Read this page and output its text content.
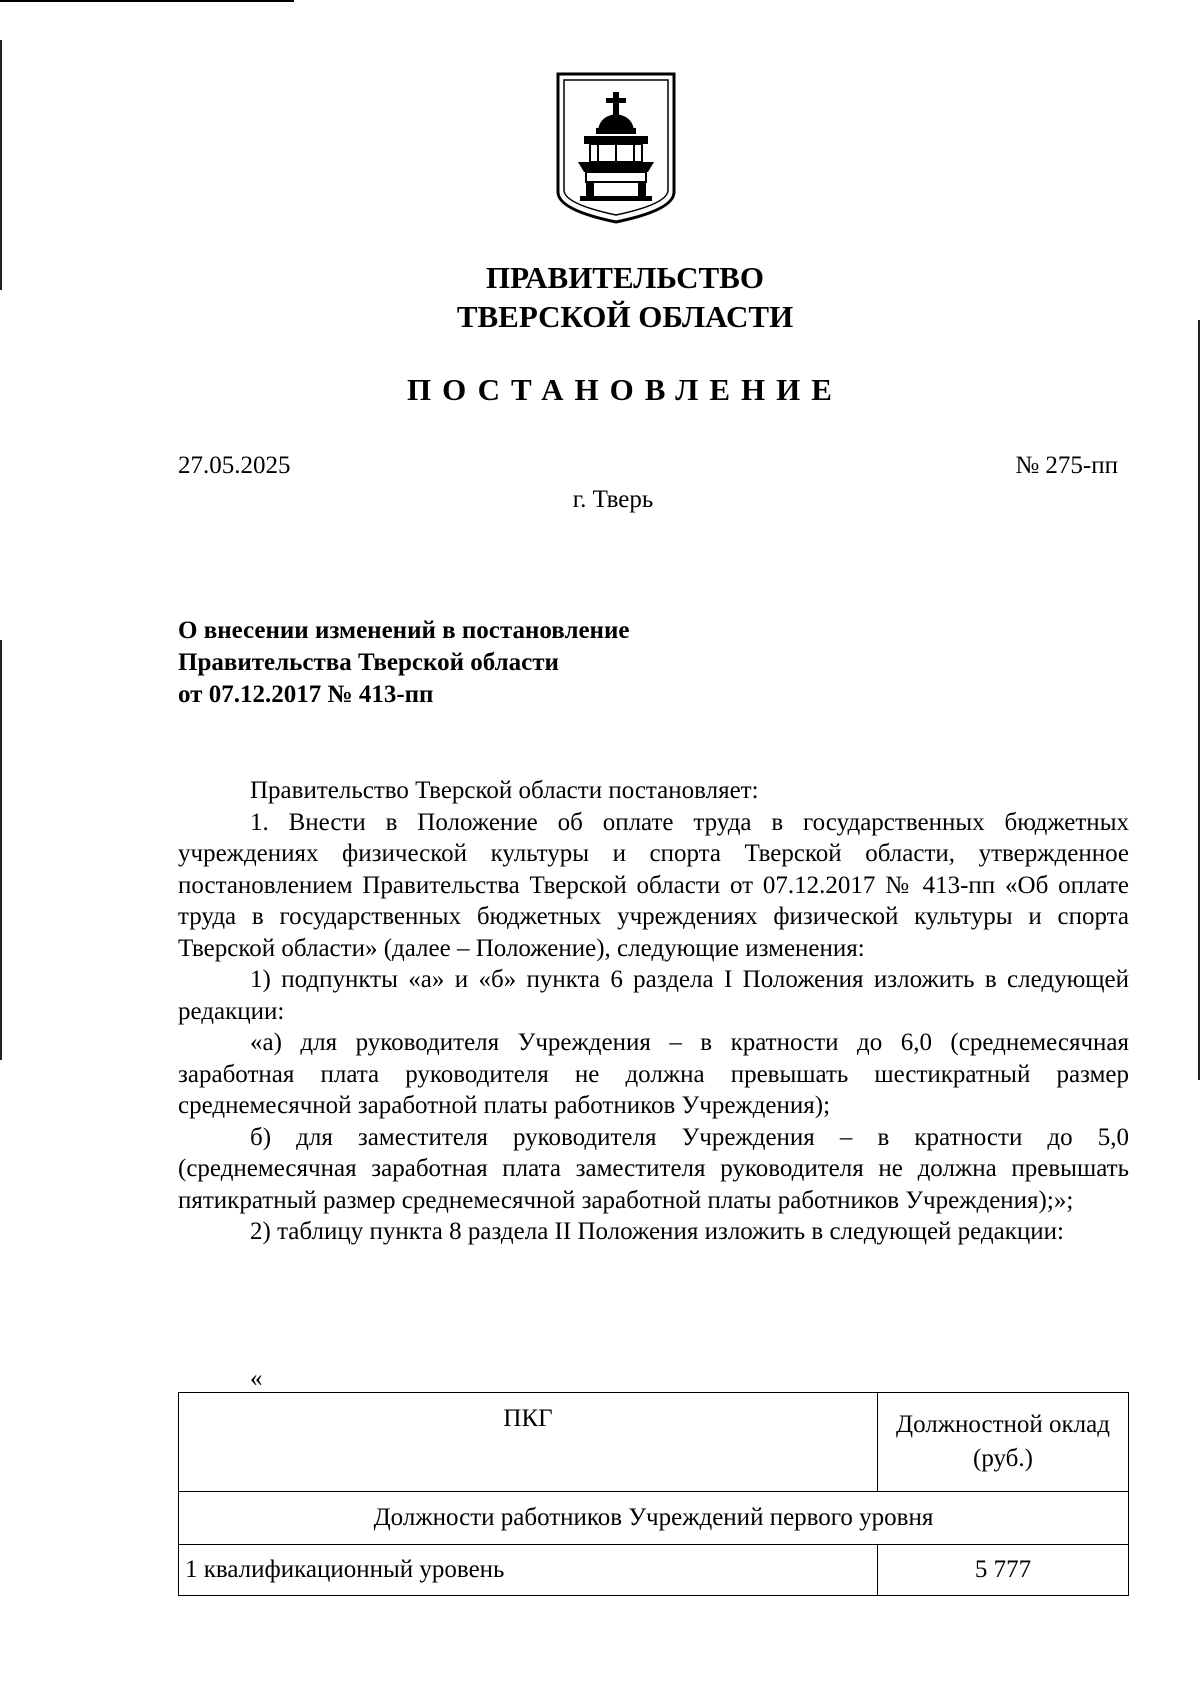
ПРАВИТЕЛЬСТВО
ТВЕРСКОЙ ОБЛАСТИ
ПОСТАНОВЛЕНИЕ
27.05.2025	№ 275-пп
г. Тверь
О внесении изменений в постановление
Правительства Тверской области
от 07.12.2017 № 413-пп

Правительство Тверской области постановляет:

1. Внести в Положение об оплате труда в государственных бюджетных учреждениях физической культуры и спорта Тверской области, утвержденное постановлением Правительства Тверской области от 07.12.2017 № 413-пп «Об оплате труда в государственных бюджетных учреждениях физической культуры и спорта Тверской области» (далее – Положение), следующие изменения:

1) подпункты «а» и «б» пункта 6 раздела I Положения изложить в следующей редакции:

«а) для руководителя Учреждения – в кратности до 6,0 (среднемесячная заработная плата руководителя не должна превышать шестикратный размер среднемесячной заработной платы работников Учреждения);

б) для заместителя руководителя Учреждения – в кратности до 5,0 (среднемесячная заработная плата заместителя руководителя не должна превышать пятикратный размер среднемесячной заработной платы работников Учреждения);»;

2) таблицу пункта 8 раздела II Положения изложить в следующей редакции:

«
ПКГ	Должностной оклад
(руб.)

Должности работников Учреждений первого уровня	
1 квалификационный уровень	5 777
